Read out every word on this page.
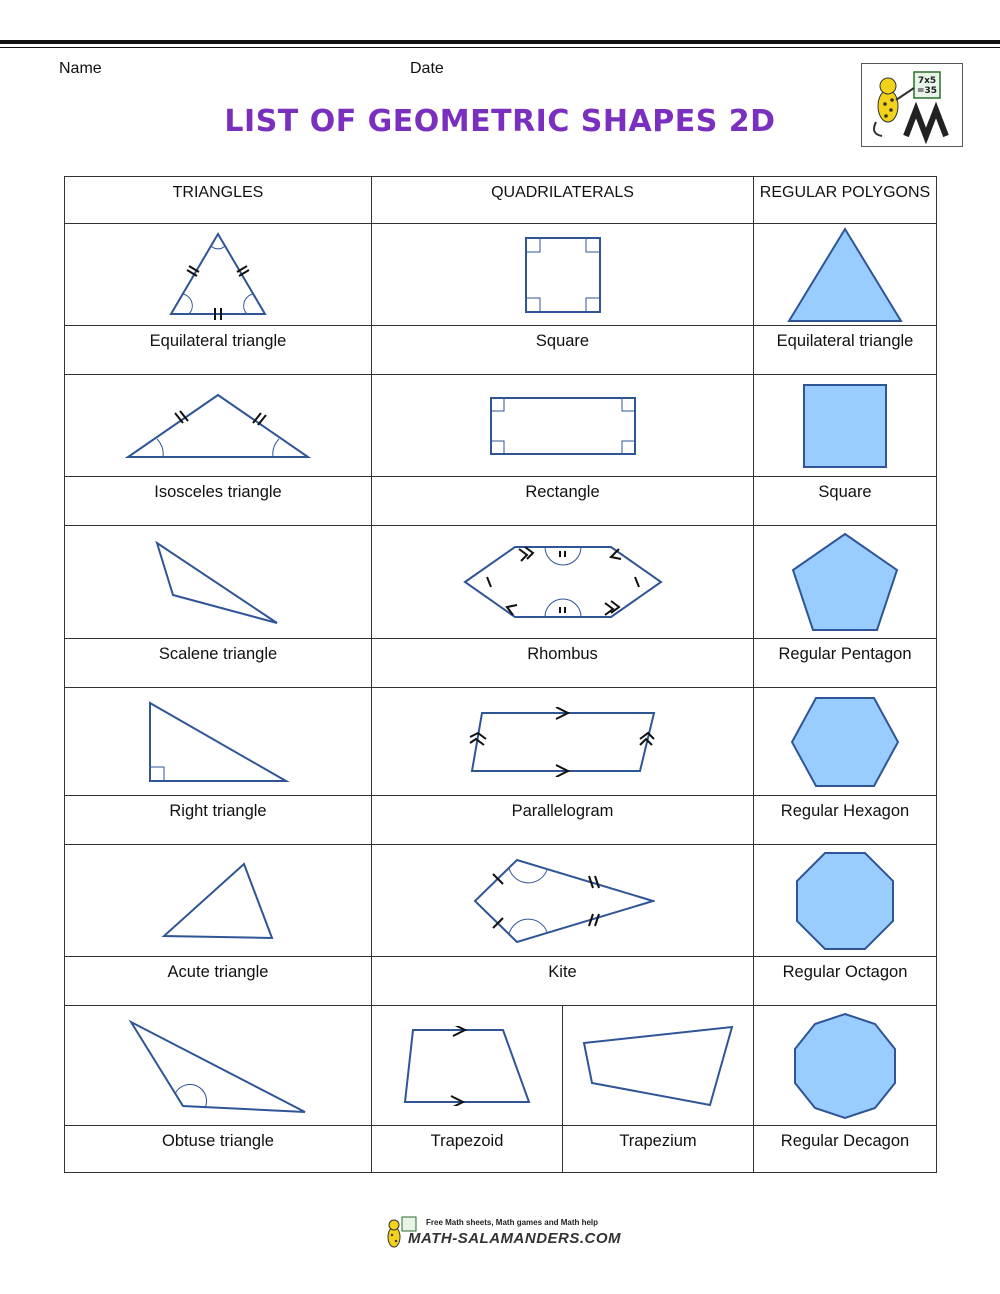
Name	Date
LIST OF GEOMETRIC SHAPES 2D
7x5
=35
TRIANGLES	QUADRILATERALS		REGULAR POLYGONS

Equilateral triangle	Square		Equilateral triangle

Isosceles triangle	Rectangle		Square

Scalene triangle	Rhombus		Regular Pentagon

Right triangle	Parallelogram		Regular Hexagon

Acute triangle	Kite		Regular Octagon

Obtuse triangle	Trapezoid	Trapezium	Regular Decagon
Free Math sheets, Math games and Math help
MATH-SALAMANDERS.COM
